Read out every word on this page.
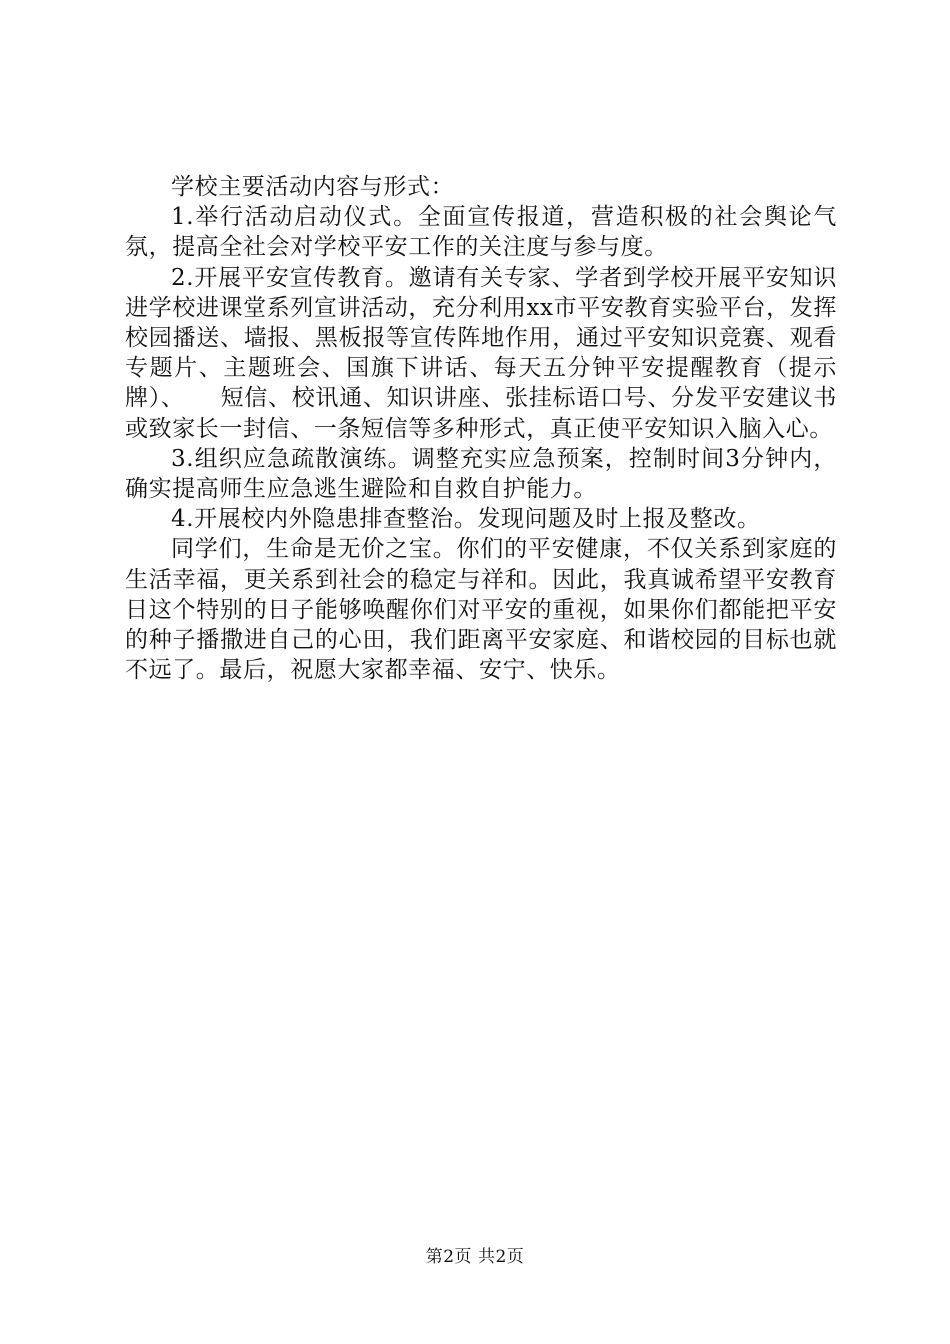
学校主要活动内容与形式：

1.举行活动启动仪式。全面宣传报道，营造积极的社会舆论气氛，提高全社会对学校平安工作的关注度与参与度。

2.开展平安宣传教育。邀请有关专家、学者到学校开展平安知识进学校进课堂系列宣讲活动，充分利用xx市平安教育实验平台，发挥校园播送、墙报、黑板报等宣传阵地作用，通过平安知识竞赛、观看专题片、主题班会、国旗下讲话、每天五分钟平安提醒教育（提示牌）、　　短信、校讯通、知识讲座、张挂标语口号、分发平安建议书或致家长一封信、一条短信等多种形式，真正使平安知识入脑入心。

3.组织应急疏散演练。调整充实应急预案，控制时间3分钟内，确实提高师生应急逃生避险和自救自护能力。

4.开展校内外隐患排查整治。发现问题及时上报及整改。

同学们，生命是无价之宝。你们的平安健康，不仅关系到家庭的生活幸福，更关系到社会的稳定与祥和。因此，我真诚希望平安教育日这个特别的日子能够唤醒你们对平安的重视，如果你们都能把平安的种子播撒进自己的心田，我们距离平安家庭、和谐校园的目标也就不远了。最后，祝愿大家都幸福、安宁、快乐。

第2页 共2页
